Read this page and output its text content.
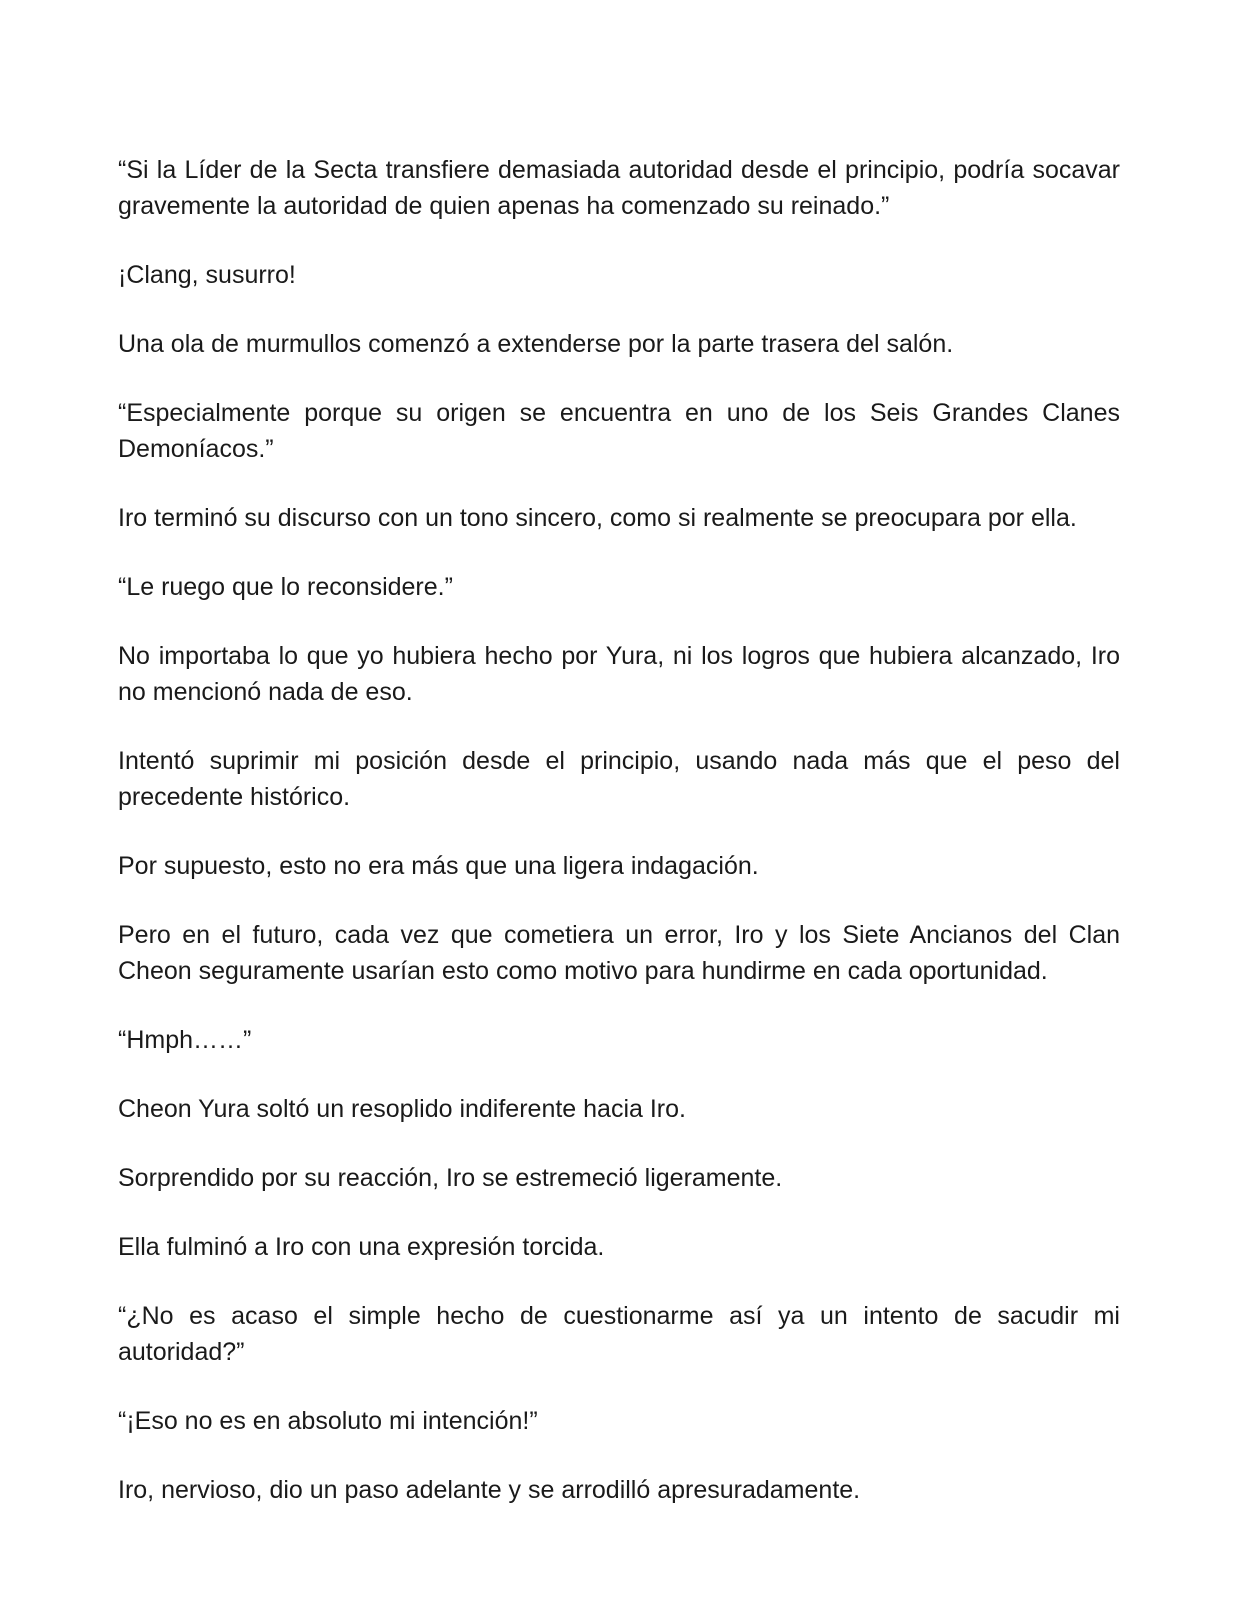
“Si la Líder de la Secta transfiere demasiada autoridad desde el principio, podría socavar gravemente la autoridad de quien apenas ha comenzado su reinado.”

¡Clang, susurro!

Una ola de murmullos comenzó a extenderse por la parte trasera del salón.

“Especialmente porque su origen se encuentra en uno de los Seis Grandes Clanes Demoníacos.”

Iro terminó su discurso con un tono sincero, como si realmente se preocupara por ella.

“Le ruego que lo reconsidere.”

No importaba lo que yo hubiera hecho por Yura, ni los logros que hubiera alcanzado, Iro no mencionó nada de eso.

Intentó suprimir mi posición desde el principio, usando nada más que el peso del precedente histórico.

Por supuesto, esto no era más que una ligera indagación.

Pero en el futuro, cada vez que cometiera un error, Iro y los Siete Ancianos del Clan Cheon seguramente usarían esto como motivo para hundirme en cada oportunidad.

“Hmph……”

Cheon Yura soltó un resoplido indiferente hacia Iro.

Sorprendido por su reacción, Iro se estremeció ligeramente.

Ella fulminó a Iro con una expresión torcida.

“¿No es acaso el simple hecho de cuestionarme así ya un intento de sacudir mi autoridad?”

“¡Eso no es en absoluto mi intención!”

Iro, nervioso, dio un paso adelante y se arrodilló apresuradamente.
